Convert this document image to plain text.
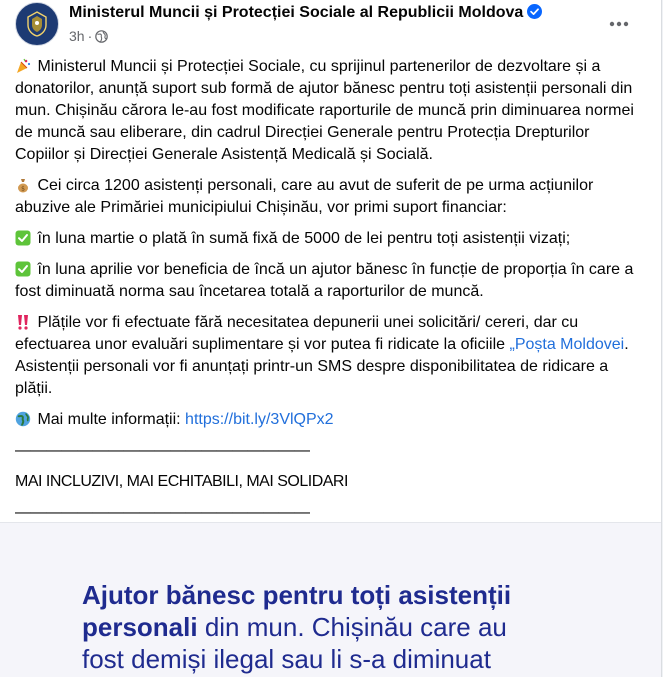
Ministerul Muncii și Protecției Sociale al Republicii Moldova
3h ·

Ministerul Muncii și Protecției Sociale, cu sprijinul partenerilor de dezvoltare și a donatorilor, anunță suport sub formă de ajutor bănesc pentru toți asistenții personali din mun. Chișinău cărora le-au fost modificate raporturile de muncă prin diminuarea normei de muncă sau eliberare, din cadrul Direcției Generale pentru Protecția Drepturilor Copiilor și Direcției Generale Asistență Medicală și Socială.

$ Cei circa 1200 asistenți personali, care au avut de suferit de pe urma acțiunilor abuzive ale Primăriei municipiului Chișinău, vor primi suport financiar:

în luna martie o plată în sumă fixă de 5000 de lei pentru toți asistenții vizați;

în luna aprilie vor beneficia de încă un ajutor bănesc în funcție de proporția în care a fost diminuată norma sau încetarea totală a raporturilor de muncă.

Plățile vor fi efectuate fără necesitatea depunerii unei solicitări/ cereri, dar cu efectuarea unor evaluări suplimentare și vor putea fi ridicate la oficiile „Poșta Moldovei. Asistenții personali vor fi anunțați printr-un SMS despre disponibilitatea de ridicare a plății.

Mai multe informații: https://bit.ly/3VlQPx2

———————————————————

MAI INCLUZIVI, MAI ECHITABILI, MAI SOLIDARI

———————————————————

Ajutor bănesc pentru toți asistenții
personali din mun. Chișinău care au
fost demiși ilegal sau li s-a diminuat
